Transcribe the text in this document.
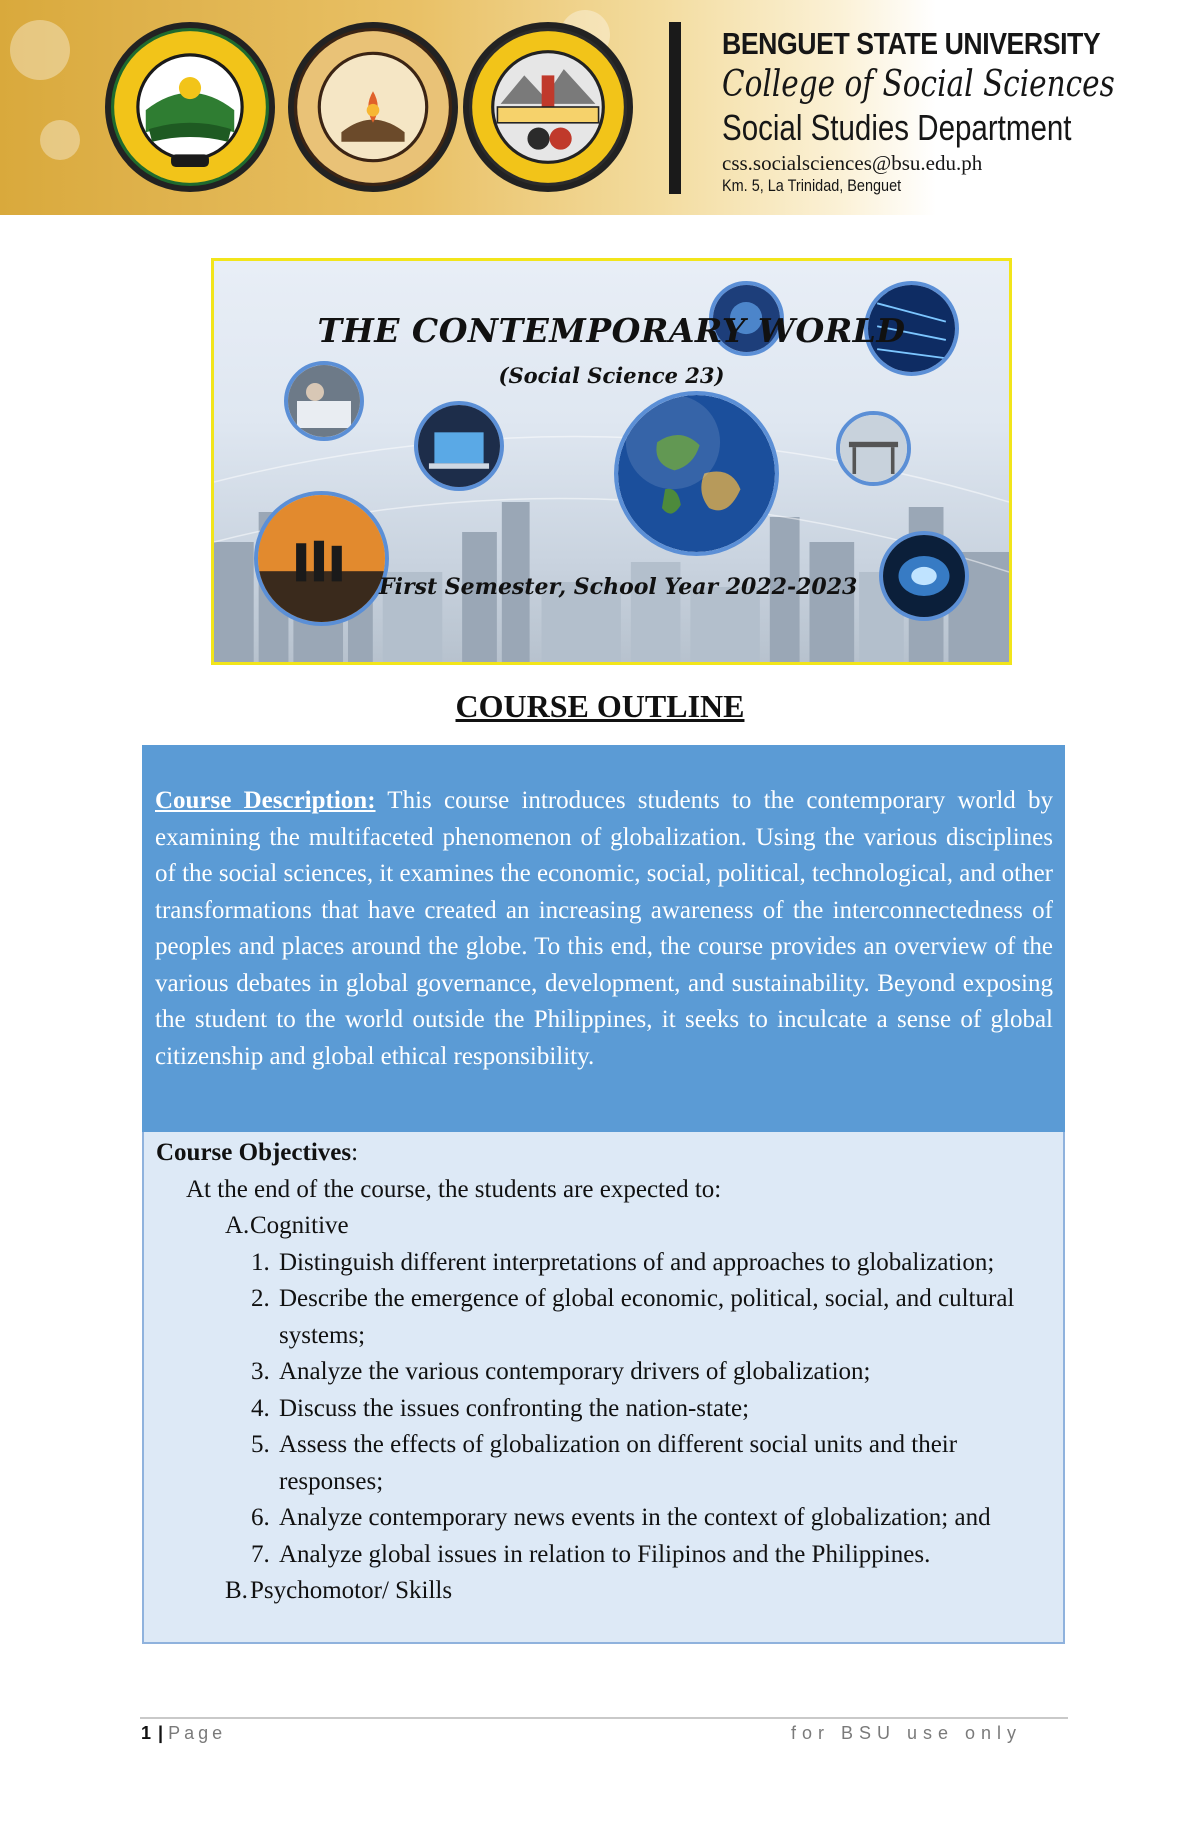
BENGUET STATE UNIVERSITY
College of Social Sciences
Social Studies Department
css.socialsciences@bsu.edu.ph
Km. 5, La Trinidad, Benguet
THE CONTEMPORARY WORLD
(Social Science 23)
First Semester, School Year 2022-2023
COURSE OUTLINE
Course Description: This course introduces students to the contemporary world by examining the multifaceted phenomenon of globalization. Using the various disciplines of the social sciences, it examines the economic, social, political, technological, and other transformations that have created an increasing awareness of the interconnectedness of peoples and places around the globe. To this end, the course provides an overview of the various debates in global governance, development, and sustainability. Beyond exposing the student to the world outside the Philippines, it seeks to inculcate a sense of global citizenship and global ethical responsibility.
Course Objectives:
At the end of the course, the students are expected to:
A. Cognitive
1. Distinguish different interpretations of and approaches to globalization;
2. Describe the emergence of global economic, political, social, and cultural systems;
3. Analyze the various contemporary drivers of globalization;
4. Discuss the issues confronting the nation-state;
5. Assess the effects of globalization on different social units and their responses;
6. Analyze contemporary news events in the context of globalization; and
7. Analyze global issues in relation to Filipinos and the Philippines.
B. Psychomotor/ Skills
1 | Page	for BSU use only
